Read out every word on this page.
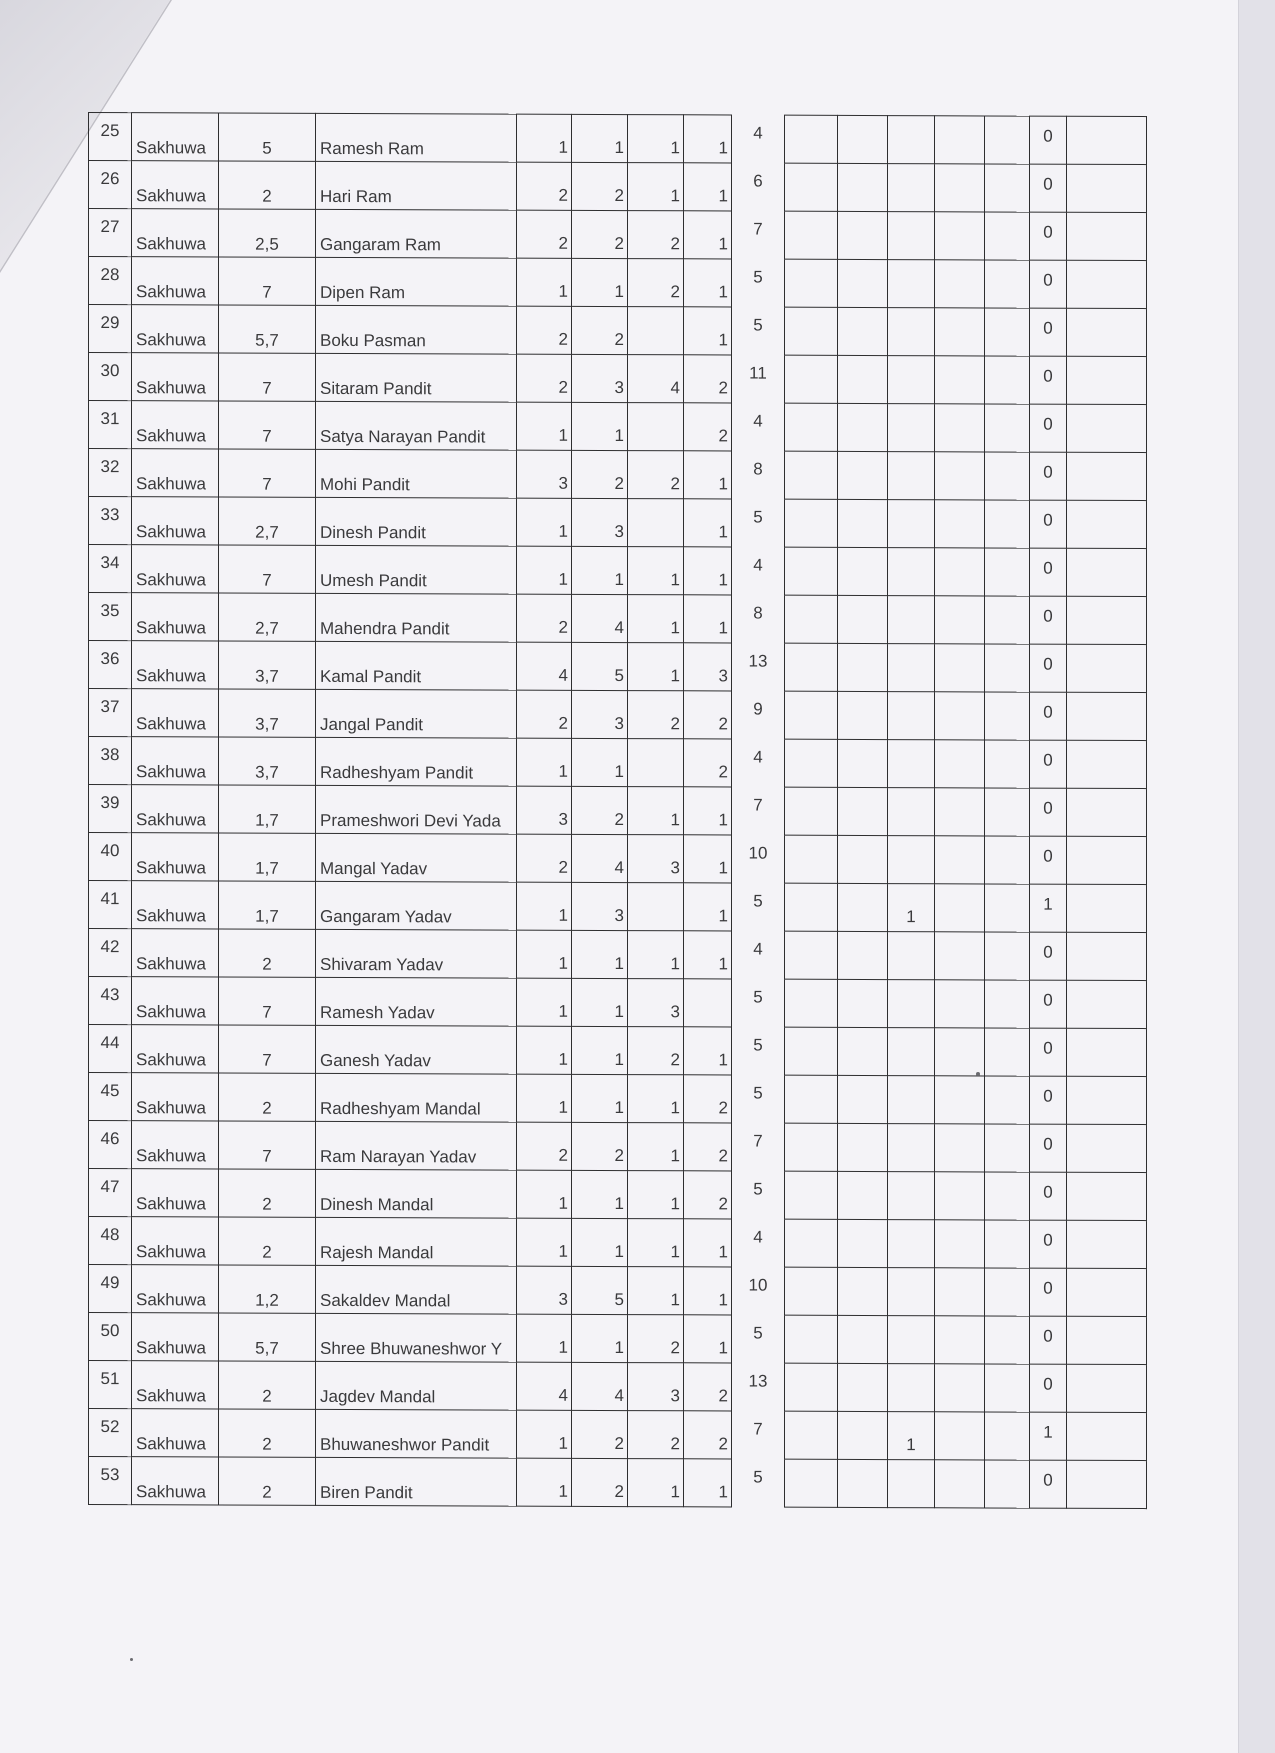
25	Sakhuwa	5	Ramesh Ram	1	1	1	1	4						0	
26	Sakhuwa	2	Hari Ram	2	2	1	1	6						0	
27	Sakhuwa	2,5	Gangaram Ram	2	2	2	1	7						0	
28	Sakhuwa	7	Dipen Ram	1	1	2	1	5						0	
29	Sakhuwa	5,7	Boku Pasman	2	2		1	5						0	
30	Sakhuwa	7	Sitaram Pandit	2	3	4	2	11						0	
31	Sakhuwa	7	Satya Narayan Pandit	1	1		2	4						0	
32	Sakhuwa	7	Mohi Pandit	3	2	2	1	8						0	
33	Sakhuwa	2,7	Dinesh Pandit	1	3		1	5						0	
34	Sakhuwa	7	Umesh Pandit	1	1	1	1	4						0	
35	Sakhuwa	2,7	Mahendra Pandit	2	4	1	1	8						0	
36	Sakhuwa	3,7	Kamal Pandit	4	5	1	3	13						0	
37	Sakhuwa	3,7	Jangal Pandit	2	3	2	2	9						0	
38	Sakhuwa	3,7	Radheshyam Pandit	1	1		2	4						0	
39	Sakhuwa	1,7	Prameshwori Devi Yada	3	2	1	1	7						0	
40	Sakhuwa	1,7	Mangal Yadav	2	4	3	1	10						0	
41	Sakhuwa	1,7	Gangaram Yadav	1	3		1	5			1			1	
42	Sakhuwa	2	Shivaram Yadav	1	1	1	1	4						0	
43	Sakhuwa	7	Ramesh Yadav	1	1	3		5						0	
44	Sakhuwa	7	Ganesh Yadav	1	1	2	1	5						0	
45	Sakhuwa	2	Radheshyam Mandal	1	1	1	2	5						0	
46	Sakhuwa	7	Ram Narayan Yadav	2	2	1	2	7						0	
47	Sakhuwa	2	Dinesh Mandal	1	1	1	2	5						0	
48	Sakhuwa	2	Rajesh Mandal	1	1	1	1	4						0	
49	Sakhuwa	1,2	Sakaldev Mandal	3	5	1	1	10						0	
50	Sakhuwa	5,7	Shree Bhuwaneshwor Y	1	1	2	1	5						0	
51	Sakhuwa	2	Jagdev Mandal	4	4	3	2	13						0	
52	Sakhuwa	2	Bhuwaneshwor Pandit	1	2	2	2	7			1			1	
53	Sakhuwa	2	Biren Pandit	1	2	1	1	5						0	
